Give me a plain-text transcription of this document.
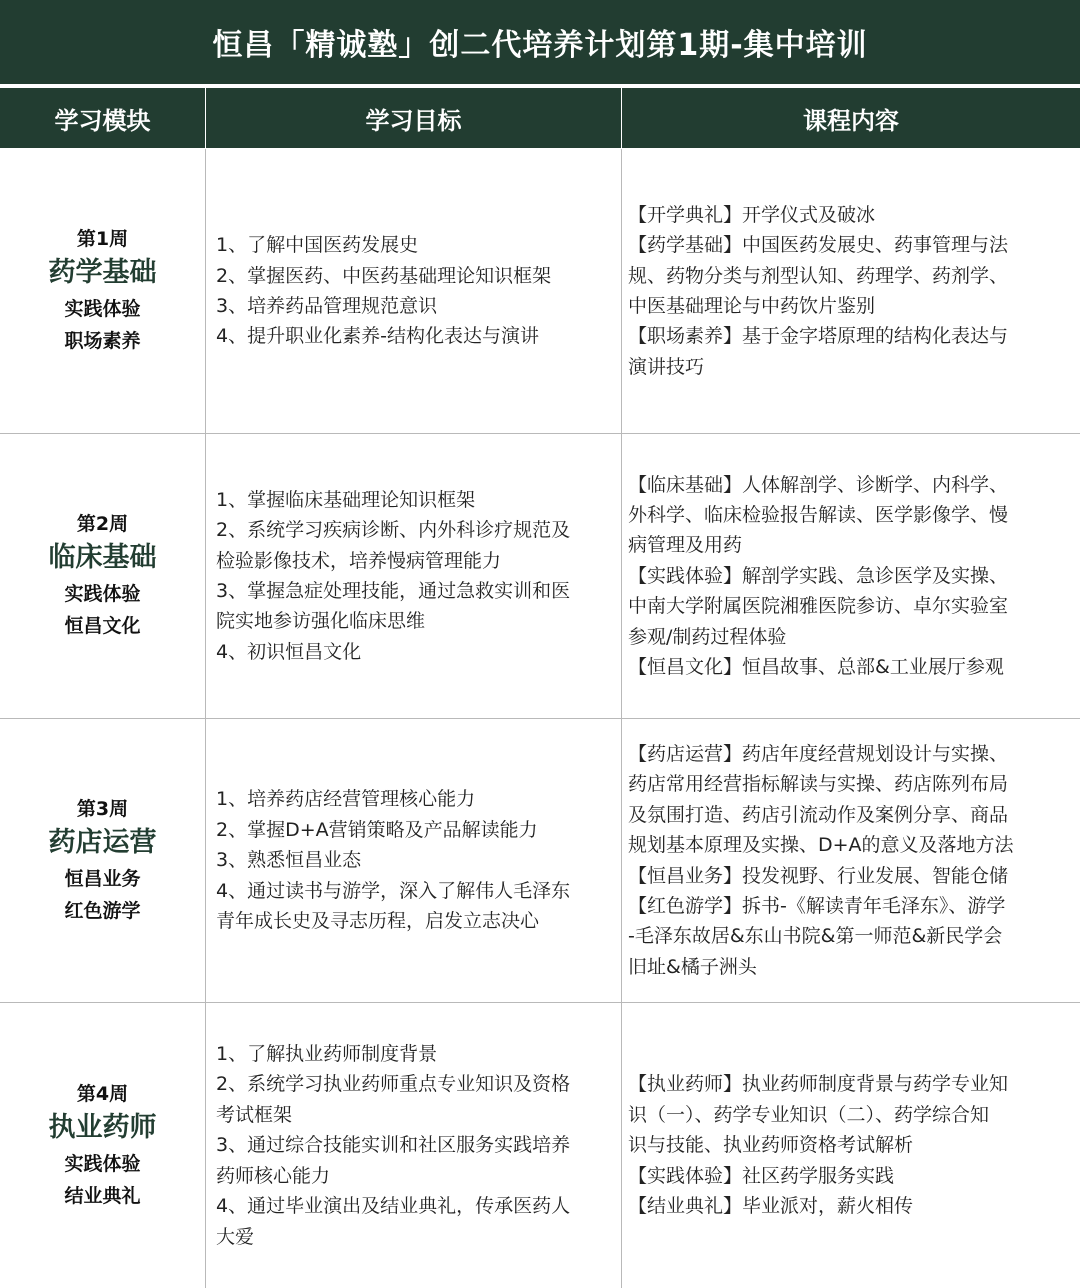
恒昌「精诚塾」创二代培养计划第1期-集中培训
学习模块	学习目标	课程内容
第1周
药学基础
实践体验
职场素养
1、了解中国医药发展史
2、掌握医药、中医药基础理论知识框架
3、培养药品管理规范意识
4、提升职业化素养-结构化表达与演讲
【开学典礼】开学仪式及破冰
【药学基础】中国医药发展史、药事管理与法
规、药物分类与剂型认知、药理学、药剂学、
中医基础理论与中药饮片鉴别
【职场素养】基于金字塔原理的结构化表达与
演讲技巧
第2周
临床基础
实践体验
恒昌文化
1、掌握临床基础理论知识框架
2、系统学习疾病诊断、内外科诊疗规范及
检验影像技术，培养慢病管理能力
3、掌握急症处理技能，通过急救实训和医
院实地参访强化临床思维
4、初识恒昌文化
【临床基础】人体解剖学、诊断学、内科学、
外科学、临床检验报告解读、医学影像学、慢
病管理及用药
【实践体验】解剖学实践、急诊医学及实操、
中南大学附属医院湘雅医院参访、卓尔实验室
参观/制药过程体验
【恒昌文化】恒昌故事、总部&工业展厅参观
第3周
药店运营
恒昌业务
红色游学
1、培养药店经营管理核心能力
2、掌握D+A营销策略及产品解读能力
3、熟悉恒昌业态
4、通过读书与游学，深入了解伟人毛泽东
青年成长史及寻志历程，启发立志决心
【药店运营】药店年度经营规划设计与实操、
药店常用经营指标解读与实操、药店陈列布局
及氛围打造、药店引流动作及案例分享、商品
规划基本原理及实操、D+A的意义及落地方法
【恒昌业务】投发视野、行业发展、智能仓储
【红色游学】拆书-《解读青年毛泽东》、游学
-毛泽东故居&东山书院&第一师范&新民学会
旧址&橘子洲头
第4周
执业药师
实践体验
结业典礼
1、了解执业药师制度背景
2、系统学习执业药师重点专业知识及资格
考试框架
3、通过综合技能实训和社区服务实践培养
药师核心能力
4、通过毕业演出及结业典礼，传承医药人
大爱
【执业药师】执业药师制度背景与药学专业知
识（一）、药学专业知识（二）、药学综合知
识与技能、执业药师资格考试解析
【实践体验】社区药学服务实践
【结业典礼】毕业派对，薪火相传
